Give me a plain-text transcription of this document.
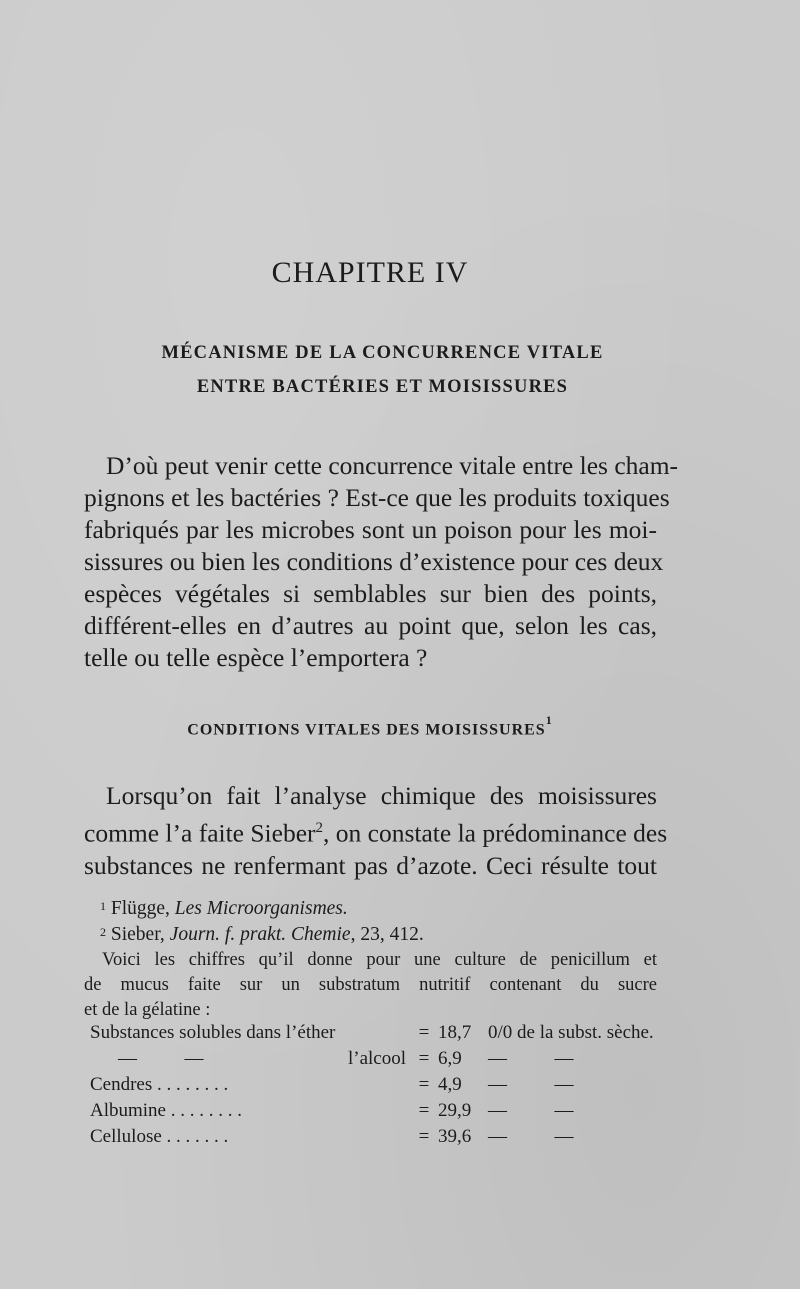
CHAPITRE IV
MÉCANISME DE LA CONCURRENCE VITALE
ENTRE BACTÉRIES ET MOISISSURES
D’où peut venir cette concurrence vitale entre les cham-
pignons et les bactéries ? Est-ce que les produits toxiques
fabriqués par les microbes sont un poison pour les moi-
sissures ou bien les conditions d’existence pour ces deux
espèces végétales si semblables sur bien des points,
différent-elles en d’autres au point que, selon les cas,
telle ou telle espèce l’emportera ?
CONDITIONS VITALES DES MOISISSURES$^1$
Lorsqu’on fait l’analyse chimique des moisissures
comme l’a faite Sieber$^2$, on constate la prédominance des
substances ne renfermant pas d’azote. Ceci résulte tout
$^1$ Flügge, Les Microorganismes.
$^2$ Sieber, Journ. f. prakt. Chemie, 23, 412.
Voici les chiffres qu’il donne pour une culture de penicillum et
de mucus faite sur un substratum nutritif contenant du sucre
et de la gélatine :
Substances solubles dans l’éther		=	18,7	0/0 de la subst. sèche.
—          —	l’alcool	=	6,9	—          —
Cendres . . . . . . . .		=	4,9	—          —
Albumine . . . . . . . .		=	29,9	—          —
Cellulose . . . . . . .		=	39,6	—          —
